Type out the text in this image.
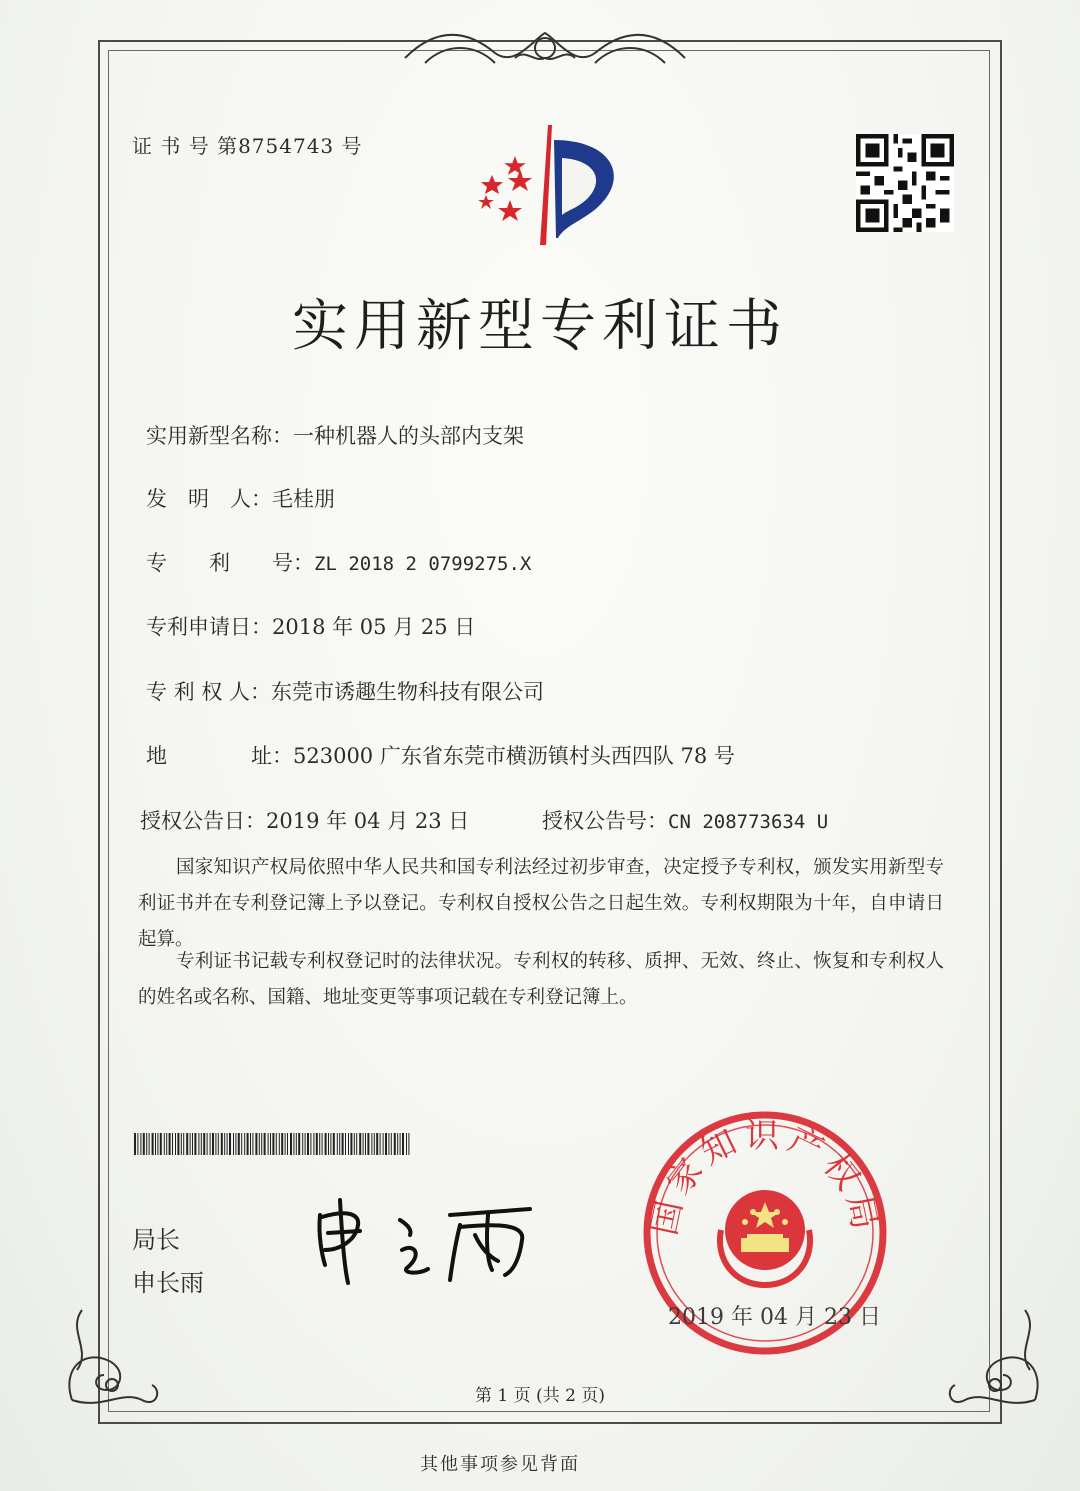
证 书 号 第8754743 号
实用新型专利证书
实用新型名称：一种机器人的头部内支架
发　明　人：毛桂朋
专　　利　　号：ZL 2018 2 0799275.X
专利申请日：2018 年 05 月 25 日
专 利 权 人：东莞市诱趣生物科技有限公司
地　　　　址：523000 广东省东莞市横沥镇村头西四队 78 号
授权公告日：2019 年 04 月 23 日	授权公告号：CN 208773634 U
国家知识产权局依照中华人民共和国专利法经过初步审查，决定授予专利权，颁发实用新型专利证书并在专利登记簿上予以登记。专利权自授权公告之日起生效。专利权期限为十年，自申请日起算。
专利证书记载专利权登记时的法律状况。专利权的转移、质押、无效、终止、恢复和专利权人的姓名或名称、国籍、地址变更等事项记载在专利登记簿上。
局长
申长雨
国家知识产权局
2019 年 04 月 23 日
第 1 页 (共 2 页)
其他事项参见背面
